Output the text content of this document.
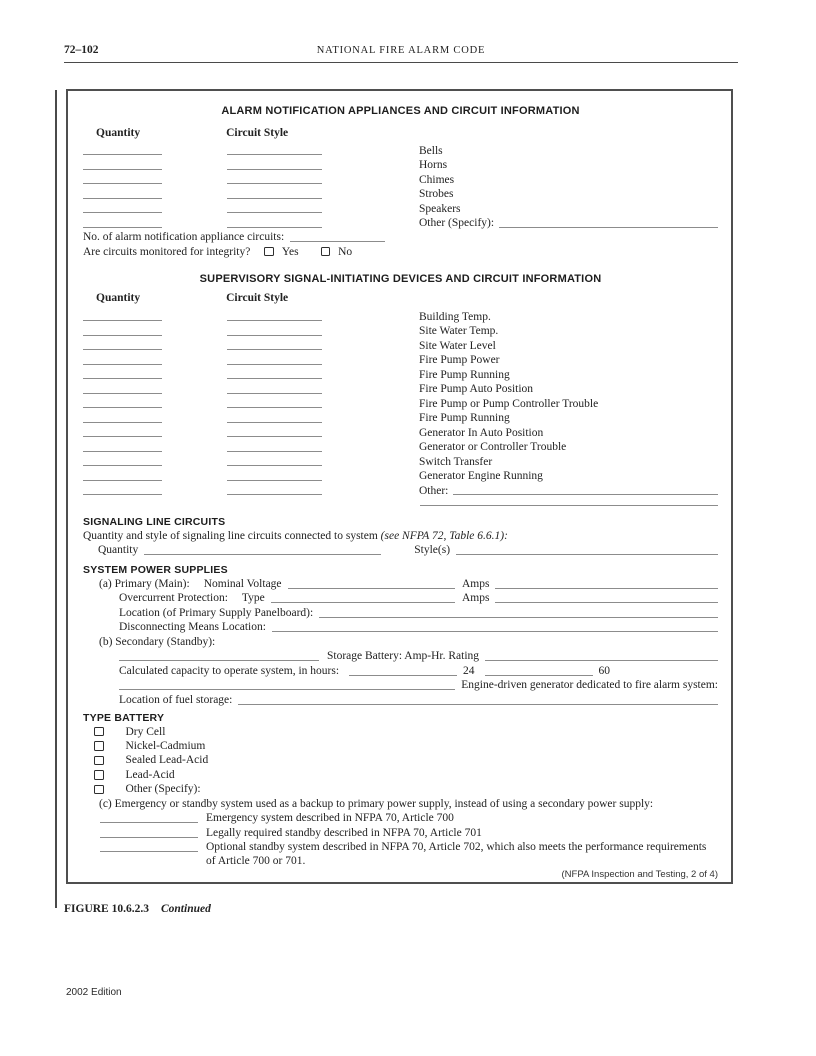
72–102	NATIONAL FIRE ALARM CODE
ALARM NOTIFICATION APPLIANCES AND CIRCUIT INFORMATION
Quantity	Circuit Style
Bells
Horns
Chimes
Strobes
Speakers
Other (Specify):
No. of alarm notification appliance circuits:
Are circuits monitored for integrity?	Yes	No
SUPERVISORY SIGNAL-INITIATING DEVICES AND CIRCUIT INFORMATION
Quantity	Circuit Style
Building Temp.
Site Water Temp.
Site Water Level
Fire Pump Power
Fire Pump Running
Fire Pump Auto Position
Fire Pump or Pump Controller Trouble
Fire Pump Running
Generator In Auto Position
Generator or Controller Trouble
Switch Transfer
Generator Engine Running
Other:
SIGNALING LINE CIRCUITS
Quantity and style of signaling line circuits connected to system (see NFPA 72, Table 6.6.1):
Quantity	Style(s)
SYSTEM POWER SUPPLIES
(a) Primary (Main): Nominal Voltage	Amps
Overcurrent Protection: Type	Amps
Location (of Primary Supply Panelboard):
Disconnecting Means Location:
(b) Secondary (Standby):
Storage Battery: Amp-Hr. Rating
Calculated capacity to operate system, in hours:	24	60
Engine-driven generator dedicated to fire alarm system:
Location of fuel storage:
TYPE BATTERY
Dry Cell
Nickel-Cadmium
Sealed Lead-Acid
Lead-Acid
Other (Specify):
(c) Emergency or standby system used as a backup to primary power supply, instead of using a secondary power supply:
Emergency system described in NFPA 70, Article 700
Legally required standby described in NFPA 70, Article 701
Optional standby system described in NFPA 70, Article 702, which also meets the performance requirements of Article 700 or 701.
(NFPA Inspection and Testing, 2 of 4)
FIGURE 10.6.2.3 Continued
2002 Edition
